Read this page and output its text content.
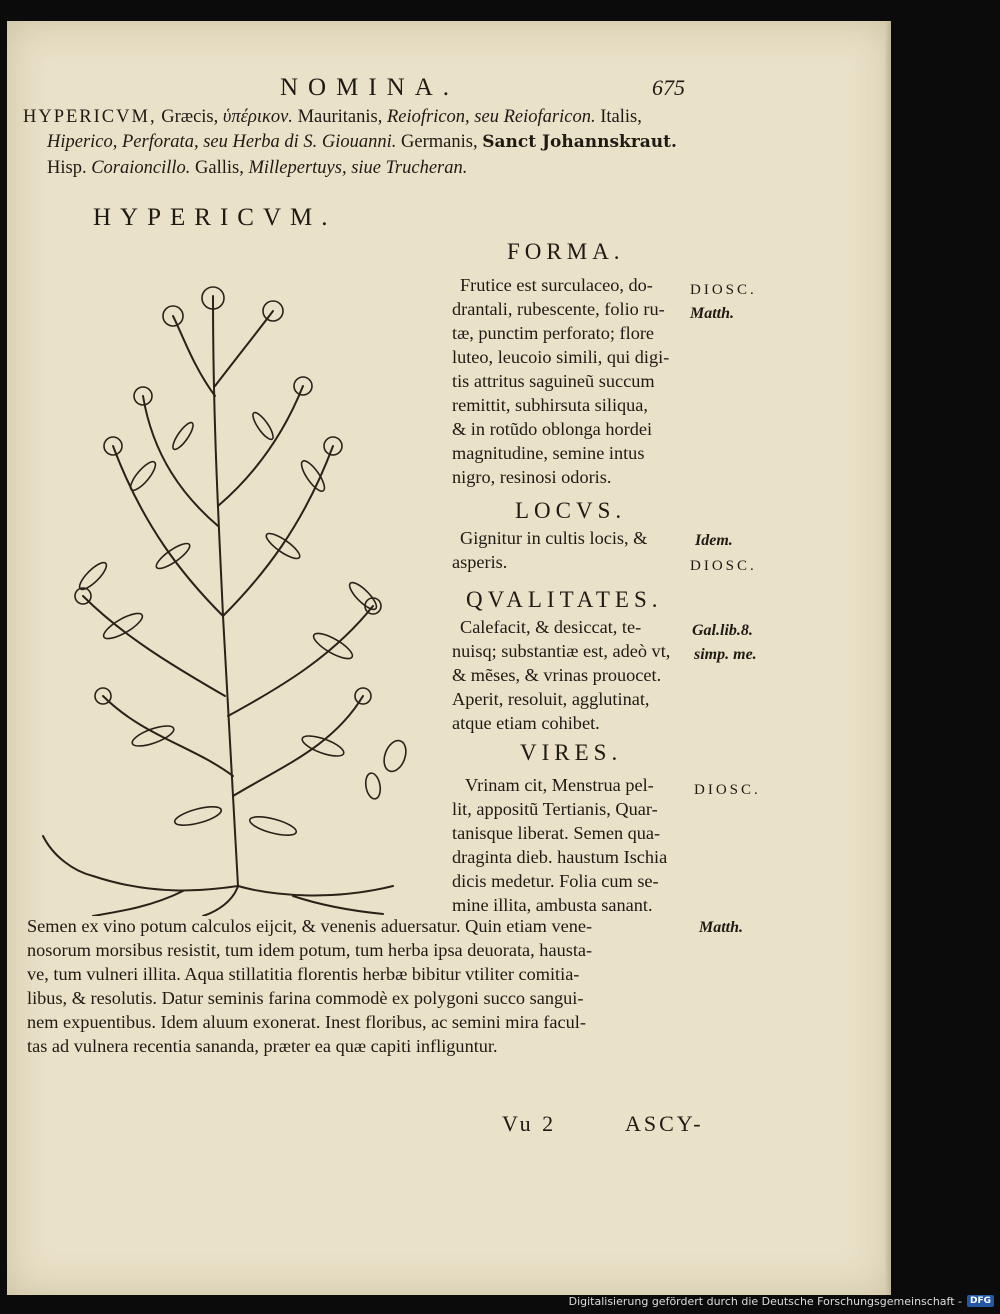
NOMINA.	675
HYPERICVM, Græcis, ὑπέρικον. Mauritanis, Reiofricon, seu Reiofaricon. Italis,
Hiperico, Perforata, seu Herba di S. Giouanni. Germanis, Sanct Johannskraut.
Hisp. Coraioncillo. Gallis, Millepertuys, siue Trucheran.
HYPERICVM.
FORMA.
Frutice est surculaceo, do-
drantali, rubescente, folio ru-
tæ, punctim perforato; flore
luteo, leucoio simili, qui digi-
tis attritus saguineũ succum
remittit, subhirsuta siliqua,
& in rotũdo oblonga hordei
magnitudine, semine intus
nigro, resinosi odoris.
DIOSC.
Matth.
LOCVS.
Gignitur in cultis locis, &
asperis.
Idem.
DIOSC.
QVALITATES.
Calefacit, & desiccat, te-
nuisq; substantiæ est, adeò vt,
& mẽses, & vrinas prouocet.
Aperit, resoluit, agglutinat,
atque etiam cohibet.
Gal.lib.8.
simp. me.
VIRES.
Vrinam cit, Menstrua pel-
lit, appositũ Tertianis, Quar-
tanisque liberat. Semen qua-
draginta dieb. haustum Ischia
dicis medetur. Folia cum se-
mine illita, ambusta sanant.
DIOSC.
Matth.
Semen ex vino potum calculos eijcit, & venenis aduersatur. Quin etiam vene-
nosorum morsibus resistit, tum idem potum, tum herba ipsa deuorata, hausta-
ve, tum vulneri illita. Aqua stillatitia florentis herbæ bibitur vtiliter comitia-
libus, & resolutis. Datur seminis farina commodè ex polygoni succo sangui-
nem expuentibus. Idem aluum exonerat. Inest floribus, ac semini mira facul-
tas ad vulnera recentia sananda, præter ea quæ capiti infliguntur.
Vu 2	ASCY-
Digitalisierung gefördert durch die Deutsche Forschungsgemeinschaft - DFG
